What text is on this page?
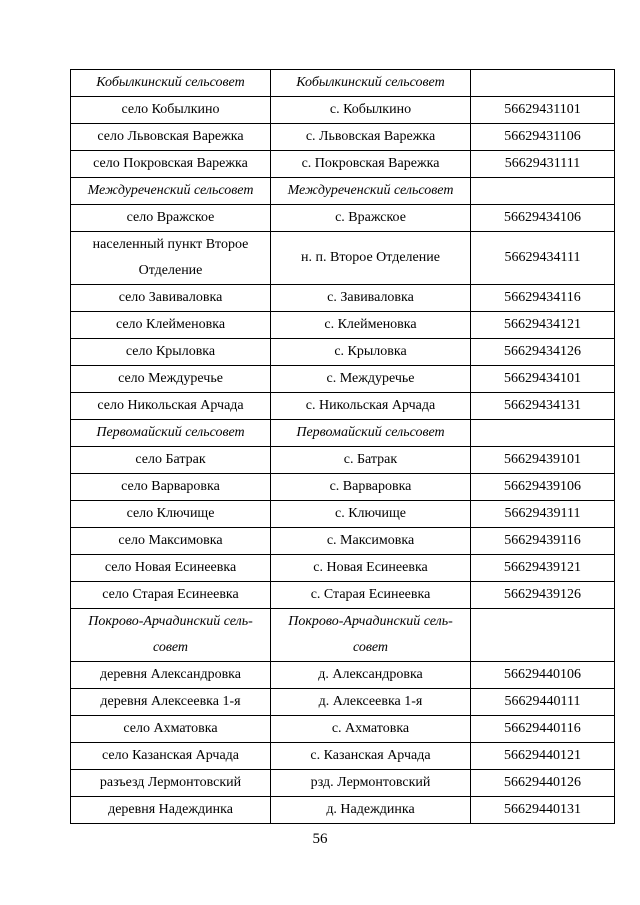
Кобылкинский сельсовет	Кобылкинский сельсовет	
село Кобылкино	с. Кобылкино	56629431101
село Львовская Варежка	с. Львовская Варежка	56629431106
село Покровская Варежка	с. Покровская Варежка	56629431111
Междуреченский сельсовет	Междуреченский сельсовет	
село Вражское	с. Вражское	56629434106
населенный пункт Второе Отделение	н. п. Второе Отделение	56629434111
село Завиваловка	с. Завиваловка	56629434116
село Клейменовка	с. Клейменовка	56629434121
село Крыловка	с. Крыловка	56629434126
село Междуречье	с. Междуречье	56629434101
село Никольская Арчада	с. Никольская Арчада	56629434131
Первомайский сельсовет	Первомайский сельсовет	
село Батрак	с. Батрак	56629439101
село Варваровка	с. Варваровка	56629439106
село Ключище	с. Ключище	56629439111
село Максимовка	с. Максимовка	56629439116
село Новая Есинеевка	с. Новая Есинеевка	56629439121
село Старая Есинеевка	с. Старая Есинеевка	56629439126
Покрово-Арчадинский сель-совет	Покрово-Арчадинский сель-совет	
деревня Александровка	д. Александровка	56629440106
деревня Алексеевка 1-я	д. Алексеевка 1-я	56629440111
село Ахматовка	с. Ахматовка	56629440116
село Казанская Арчада	с. Казанская Арчада	56629440121
разъезд Лермонтовский	рзд. Лермонтовский	56629440126
деревня Надеждинка	д. Надеждинка	56629440131
56
